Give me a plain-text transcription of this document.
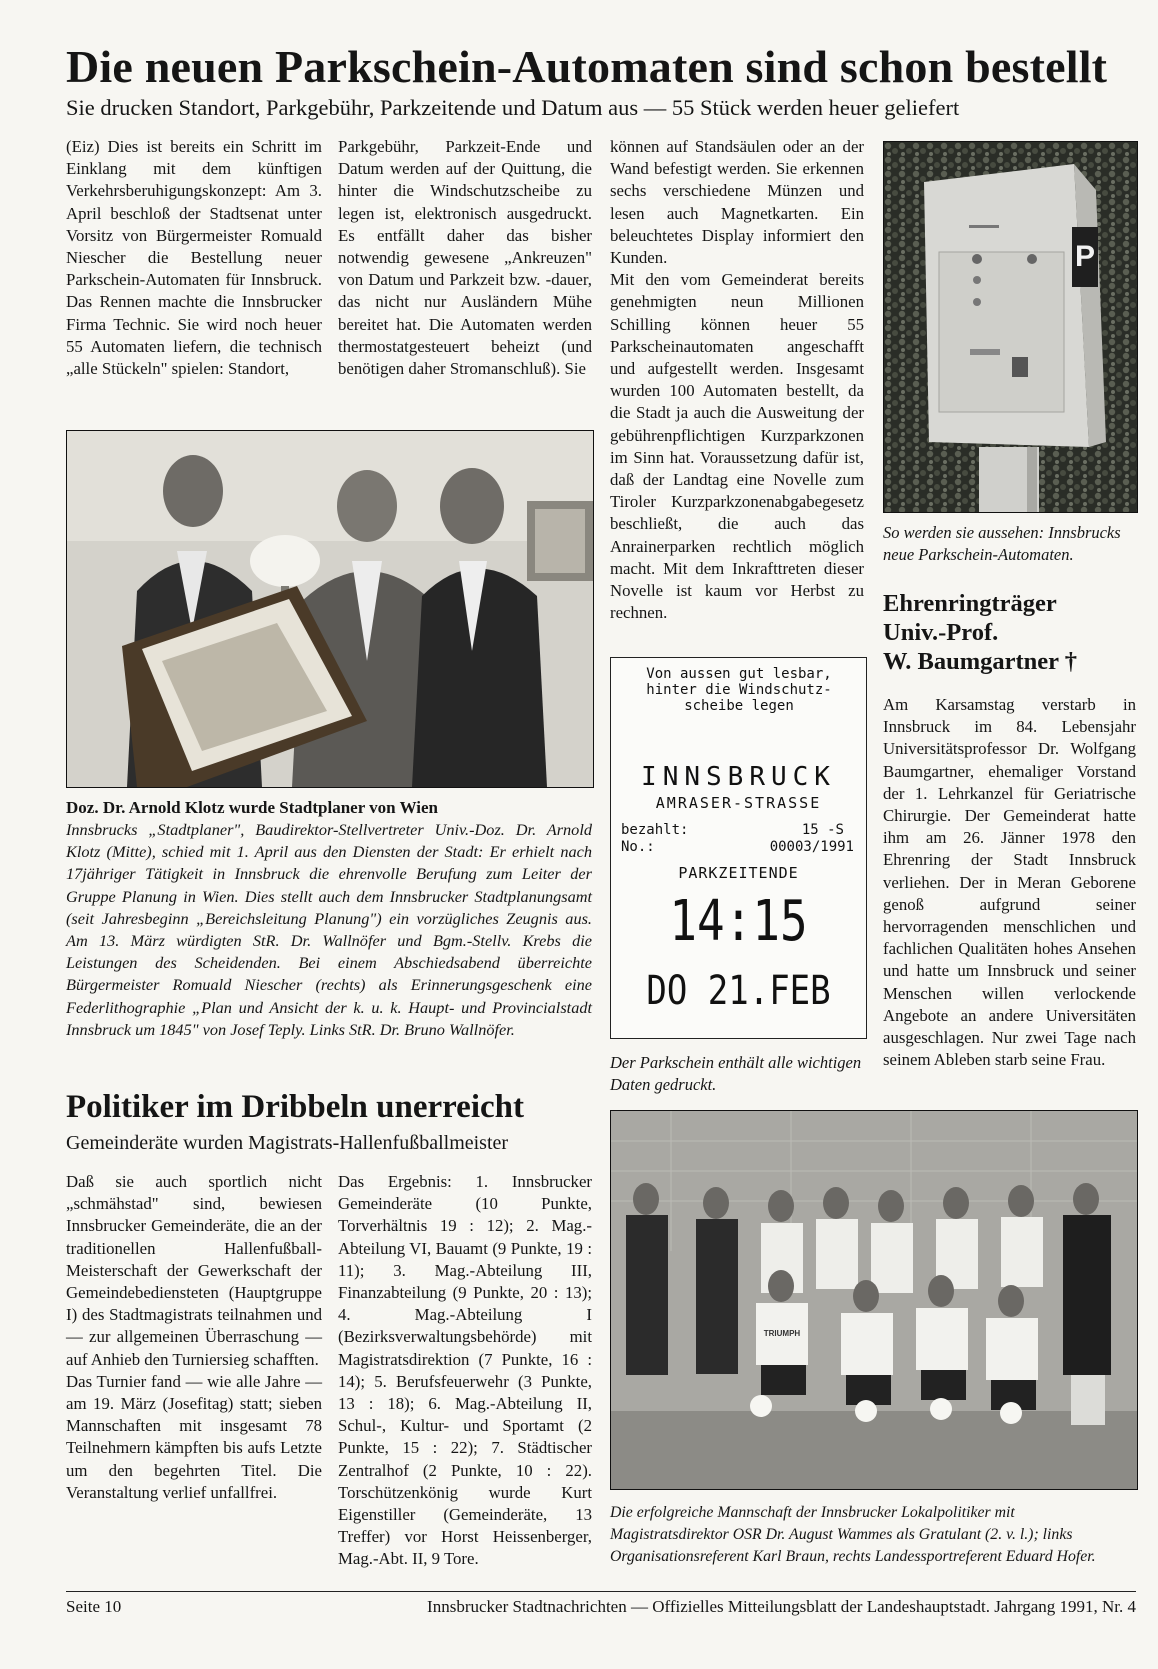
Die neuen Parkschein-Automaten sind schon bestellt
Sie drucken Standort, Parkgebühr, Parkzeitende und Datum aus — 55 Stück werden heuer geliefert

(Eiz) Dies ist bereits ein Schritt im Einklang mit dem künftigen Verkehrsberuhigungskonzept: Am 3. April beschloß der Stadtsenat unter Vorsitz von Bürgermeister Romuald Niescher die Bestellung neuer Parkschein-Automaten für Innsbruck. Das Rennen machte die Innsbrucker Firma Technic. Sie wird noch heuer 55 Automaten liefern, die technisch „alle Stückeln" spielen: Standort,

Parkgebühr, Parkzeit-Ende und Datum werden auf der Quittung, die hinter die Windschutzscheibe zu legen ist, elektronisch ausgedruckt. Es entfällt daher das bisher notwendig gewesene „Ankreuzen" von Datum und Parkzeit bzw. -dauer, das nicht nur Ausländern Mühe bereitet hat. Die Automaten werden thermostatgesteuert beheizt (und benötigen daher Stromanschluß). Sie

können auf Standsäulen oder an der Wand befestigt werden. Sie erkennen sechs verschiedene Münzen und lesen auch Magnetkarten. Ein beleuchtetes Display informiert den Kunden.

Mit den vom Gemeinderat bereits genehmigten neun Millionen Schilling können heuer 55 Parkscheinautomaten angeschafft und aufgestellt werden. Insgesamt wurden 100 Automaten bestellt, da die Stadt ja auch die Ausweitung der gebührenpflichtigen Kurzparkzonen im Sinn hat. Voraussetzung dafür ist, daß der Landtag eine Novelle zum Tiroler Kurzparkzonenabgabegesetz beschließt, die auch das Anrainerparken rechtlich möglich macht. Mit dem Inkrafttreten dieser Novelle ist kaum vor Herbst zu rechnen.

P
So werden sie aussehen: Innsbrucks neue Parkschein-Automaten.
Doz. Dr. Arnold Klotz wurde Stadtplaner von Wien
Innsbrucks „Stadtplaner", Baudirektor-Stellvertreter Univ.-Doz. Dr. Arnold Klotz (Mitte), schied mit 1. April aus den Diensten der Stadt: Er erhielt nach 17jähriger Tätigkeit in Innsbruck die ehrenvolle Berufung zum Leiter der Gruppe Planung in Wien. Dies stellt auch dem Innsbrucker Stadtplanungsamt (seit Jahresbeginn „Bereichsleitung Planung") ein vorzügliches Zeugnis aus. Am 13. März würdigten StR. Dr. Wallnöfer und Bgm.-Stellv. Krebs die Leistungen des Scheidenden. Bei einem Abschiedsabend überreichte Bürgermeister Romuald Niescher (rechts) als Erinnerungsgeschenk eine Federlithographie „Plan und Ansicht der k. u. k. Haupt- und Provincialstadt Innsbruck um 1845" von Josef Teply. Links StR. Dr. Bruno Wallnöfer.
Von aussen gut lesbar,
hinter die Windschutz-
scheibe legen
INNSBRUCK
AMRASER-STRASSE
bezahlt:	15 -S
No.:	00003/1991
PARKZEITENDE
14:15
DO 21.FEB
Der Parkschein enthält alle wichtigen Daten gedruckt.
Ehrenringträger
Univ.-Prof.
W. Baumgartner †
Am Karsamstag verstarb in Innsbruck im 84. Lebensjahr Universitätsprofessor Dr. Wolfgang Baumgartner, ehemaliger Vorstand der 1. Lehrkanzel für Geriatrische Chirurgie. Der Gemeinderat hatte ihm am 26. Jänner 1978 den Ehrenring der Stadt Innsbruck verliehen. Der in Meran Geborene genoß aufgrund seiner hervorragenden menschlichen und fachlichen Qualitäten hohes Ansehen und hatte um Innsbruck und seiner Menschen willen verlockende Angebote an andere Universitäten ausgeschlagen. Nur zwei Tage nach seinem Ableben starb seine Frau.
Politiker im Dribbeln unerreicht
Gemeinderäte wurden Magistrats-Hallenfußballmeister

Daß sie auch sportlich nicht „schmähstad" sind, bewiesen Innsbrucker Gemeinderäte, die an der traditionellen Hallenfußball-Meisterschaft der Gewerkschaft der Gemeindebediensteten (Hauptgruppe I) des Stadtmagistrats teilnahmen und — zur allgemeinen Überraschung — auf Anhieb den Turniersieg schafften.

Das Turnier fand — wie alle Jahre — am 19. März (Josefitag) statt; sieben Mannschaften mit insgesamt 78 Teilnehmern kämpften bis aufs Letzte um den begehrten Titel. Die Veranstaltung verlief unfallfrei.

Das Ergebnis: 1. Innsbrucker Gemeinderäte (10 Punkte, Torverhältnis 19 : 12); 2. Mag.-Abteilung VI, Bauamt (9 Punkte, 19 : 11); 3. Mag.-Abteilung III, Finanzabteilung (9 Punkte, 20 : 13); 4. Mag.-Abteilung I (Bezirksverwaltungsbehörde) mit Magistratsdirektion (7 Punkte, 16 : 14); 5. Berufsfeuerwehr (3 Punkte, 13 : 18); 6. Mag.-Abteilung II, Schul-, Kultur- und Sportamt (2 Punkte, 15 : 22); 7. Städtischer Zentralhof (2 Punkte, 10 : 22). Torschützenkönig wurde Kurt Eigenstiller (Gemeinderäte, 13 Treffer) vor Horst Heissenberger, Mag.-Abt. II, 9 Tore.

TRIUMPH
Die erfolgreiche Mannschaft der Innsbrucker Lokalpolitiker mit Magistratsdirektor OSR Dr. August Wammes als Gratulant (2. v. l.); links Organisationsreferent Karl Braun, rechts Landessportreferent Eduard Hofer.
Seite 10	Innsbrucker Stadtnachrichten — Offizielles Mitteilungsblatt der Landeshauptstadt. Jahrgang 1991, Nr. 4
